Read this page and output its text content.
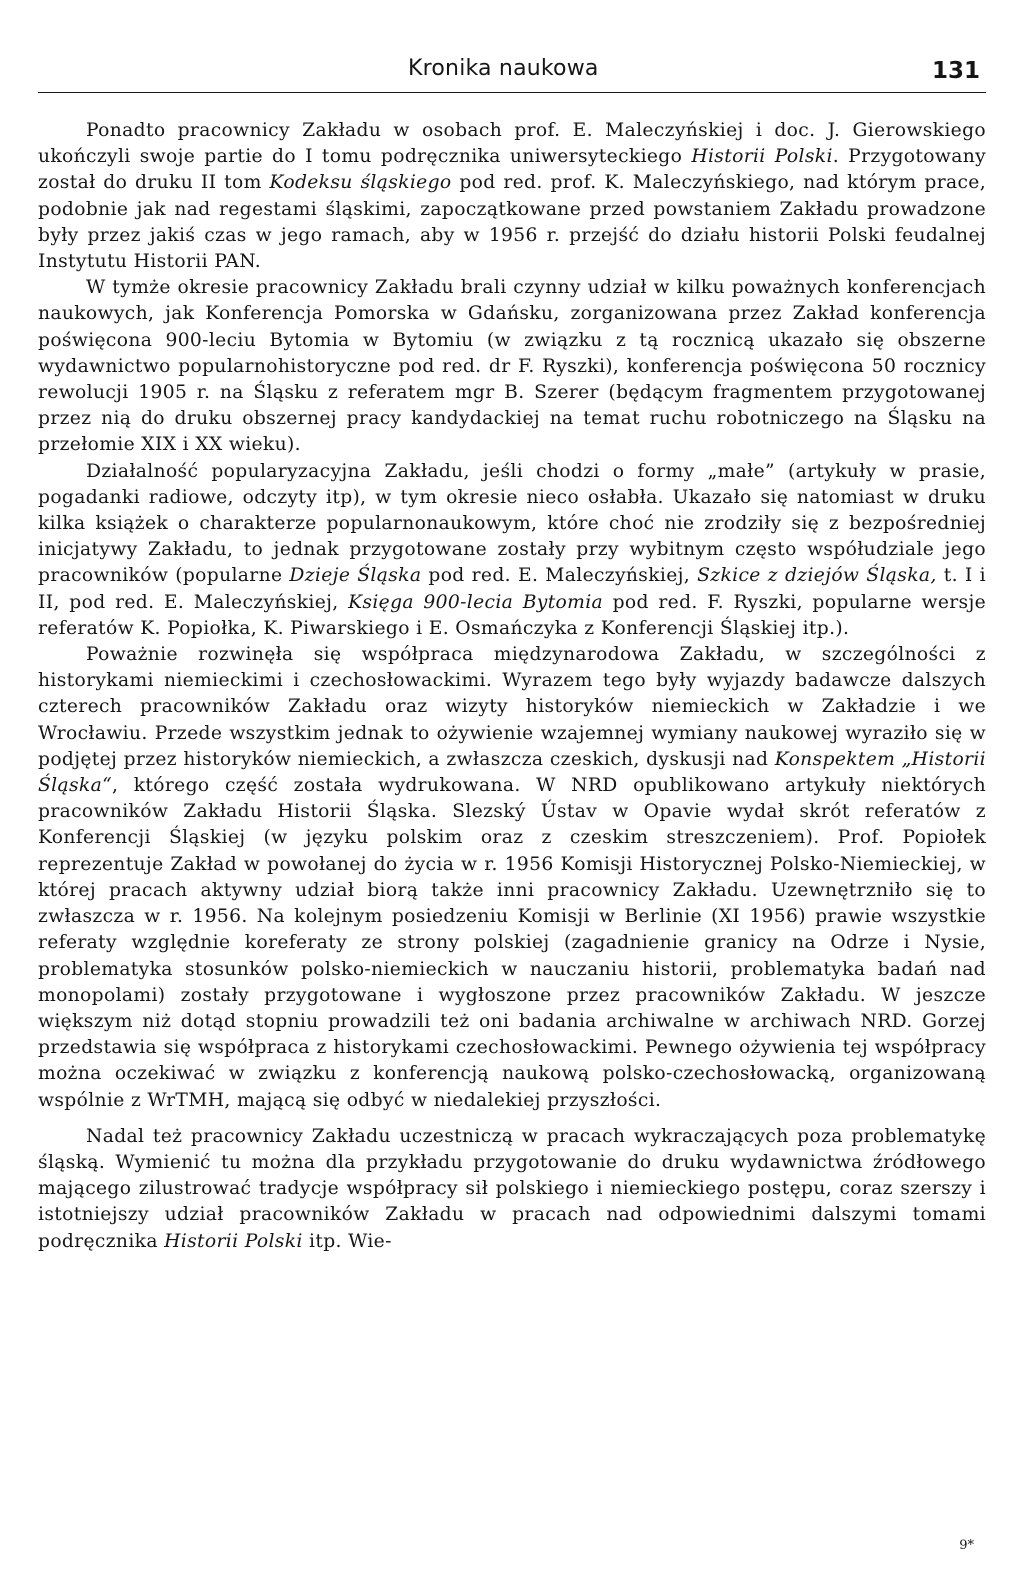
Kronika naukowa	131

Ponadto pracownicy Zakładu w osobach prof. E. Maleczyńskiej i doc. J. Gierowskiego ukończyli swoje partie do I tomu podręcznika uniwersyteckiego Historii Polski. Przygotowany został do druku II tom Kodeksu śląskiego pod red. prof. K. Maleczyńskiego, nad którym prace, podobnie jak nad regestami śląskimi, zapoczątkowane przed powstaniem Zakładu prowadzone były przez jakiś czas w jego ramach, aby w 1956 r. przejść do działu historii Polski feudalnej Instytutu Historii PAN.

W tymże okresie pracownicy Zakładu brali czynny udział w kilku poważnych konferencjach naukowych, jak Konferencja Pomorska w Gdańsku, zorganizowana przez Zakład konferencja poświęcona 900-leciu Bytomia w Bytomiu (w związku z tą rocznicą ukazało się obszerne wydawnictwo popularnohistoryczne pod red. dr F. Ryszki), konferencja poświęcona 50 rocznicy rewolucji 1905 r. na Śląsku z referatem mgr B. Szerer (będącym fragmentem przygotowanej przez nią do druku obszernej pracy kandydackiej na temat ruchu robotniczego na Śląsku na przełomie XIX i XX wieku).

Działalność popularyzacyjna Zakładu, jeśli chodzi o formy „małe” (artykuły w prasie, pogadanki radiowe, odczyty itp), w tym okresie nieco osłabła. Ukazało się natomiast w druku kilka książek o charakterze popularnonaukowym, które choć nie zrodziły się z bezpośredniej inicjatywy Zakładu, to jednak przygotowane zostały przy wybitnym często współudziale jego pracowników (popularne Dzieje Śląska pod red. E. Maleczyńskiej, Szkice z dziejów Śląska, t. I i II, pod red. E. Maleczyńskiej, Księga 900-lecia Bytomia pod red. F. Ryszki, popularne wersje referatów K. Popiołka, K. Piwarskiego i E. Osmańczyka z Konferencji Śląskiej itp.).

Poważnie rozwinęła się współpraca międzynarodowa Zakładu, w szczególności z historykami niemieckimi i czechosłowackimi. Wyrazem tego były wyjazdy badawcze dalszych czterech pracowników Zakładu oraz wizyty historyków niemieckich w Zakładzie i we Wrocławiu. Przede wszystkim jednak to ożywienie wzajemnej wymiany naukowej wyraziło się w podjętej przez historyków niemieckich, a zwłaszcza czeskich, dyskusji nad Konspektem „Historii Śląska“, którego część została wydrukowana. W NRD opublikowano artykuły niektórych pracowników Zakładu Historii Śląska. Slezský Ústav w Opavie wydał skrót referatów z Konferencji Śląskiej (w języku polskim oraz z czeskim streszczeniem). Prof. Popiołek reprezentuje Zakład w powołanej do życia w r. 1956 Komisji Historycznej Polsko-Niemieckiej, w której pracach aktywny udział biorą także inni pracownicy Zakładu. Uzewnętrzniło się to zwłaszcza w r. 1956. Na kolejnym posiedzeniu Komisji w Berlinie (XI 1956) prawie wszystkie referaty względnie koreferaty ze strony polskiej (zagadnienie granicy na Odrze i Nysie, problematyka stosunków polsko-niemieckich w nauczaniu historii, problematyka badań nad monopolami) zostały przygotowane i wygłoszone przez pracowników Zakładu. W jeszcze większym niż dotąd stopniu prowadzili też oni badania archiwalne w archiwach NRD. Gorzej przedstawia się współpraca z historykami czechosłowackimi. Pewnego ożywienia tej współpracy można oczekiwać w związku z konferencją naukową polsko-czechosłowacką, organizowaną wspólnie z WrTMH, mającą się odbyć w niedalekiej przyszłości.

Nadal też pracownicy Zakładu uczestniczą w pracach wykraczających poza problematykę śląską. Wymienić tu można dla przykładu przygotowanie do druku wydawnictwa źródłowego mającego zilustrować tradycje współpracy sił polskiego i niemieckiego postępu, coraz szerszy i istotniejszy udział pracowników Zakładu w pracach nad odpowiednimi dalszymi tomami podręcznika Historii Polski itp. Wie-

9*
